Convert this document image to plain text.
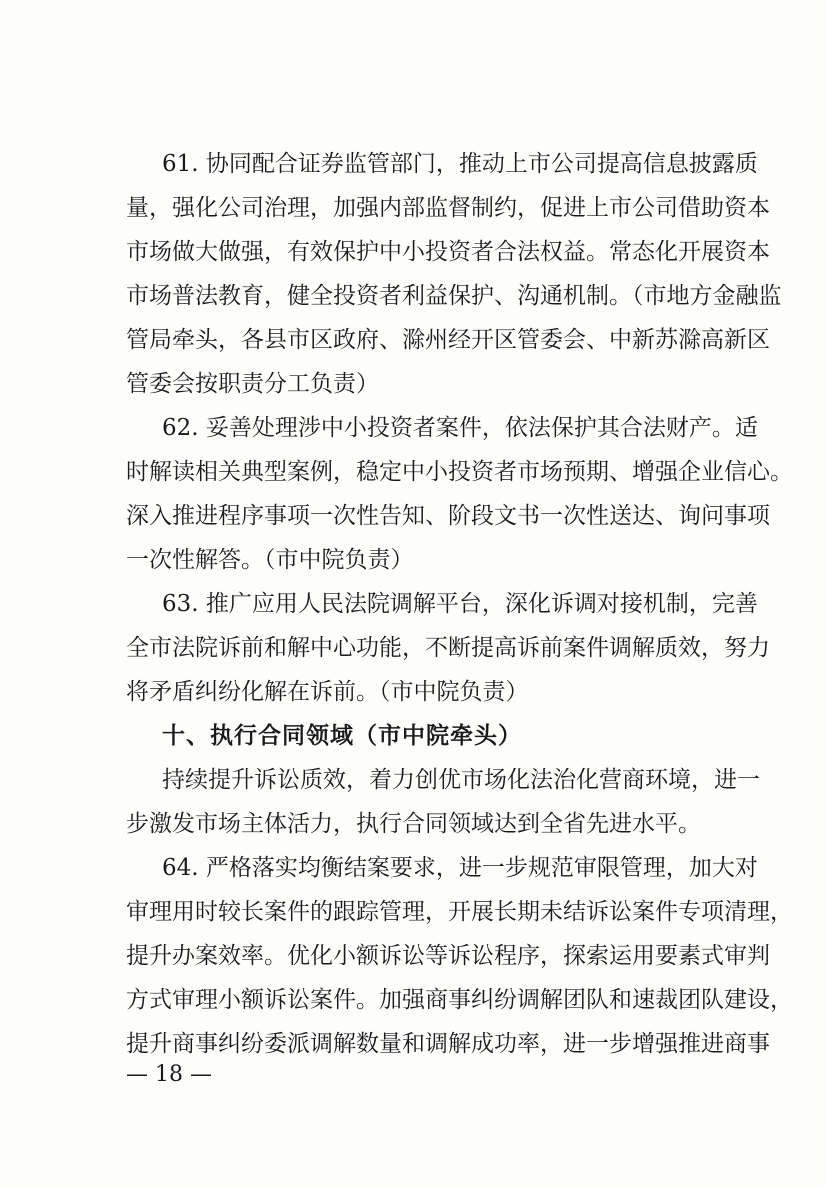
61. 协同配合证券监管部门，推动上市公司提高信息披露质
量，强化公司治理，加强内部监督制约，促进上市公司借助资本
市场做大做强，有效保护中小投资者合法权益。常态化开展资本
市场普法教育，健全投资者利益保护、沟通机制。（市地方金融监
管局牵头，各县市区政府、滁州经开区管委会、中新苏滁高新区
管委会按职责分工负责）
62. 妥善处理涉中小投资者案件，依法保护其合法财产。适
时解读相关典型案例，稳定中小投资者市场预期、增强企业信心。
深入推进程序事项一次性告知、阶段文书一次性送达、询问事项
一次性解答。（市中院负责）
63. 推广应用人民法院调解平台，深化诉调对接机制，完善
全市法院诉前和解中心功能，不断提高诉前案件调解质效，努力
将矛盾纠纷化解在诉前。（市中院负责）
十、执行合同领域（市中院牵头）
持续提升诉讼质效，着力创优市场化法治化营商环境，进一
步激发市场主体活力，执行合同领域达到全省先进水平。
64. 严格落实均衡结案要求，进一步规范审限管理，加大对
审理用时较长案件的跟踪管理，开展长期未结诉讼案件专项清理，
提升办案效率。优化小额诉讼等诉讼程序，探索运用要素式审判
方式审理小额诉讼案件。加强商事纠纷调解团队和速裁团队建设，
提升商事纠纷委派调解数量和调解成功率，进一步增强推进商事
— 18 —
